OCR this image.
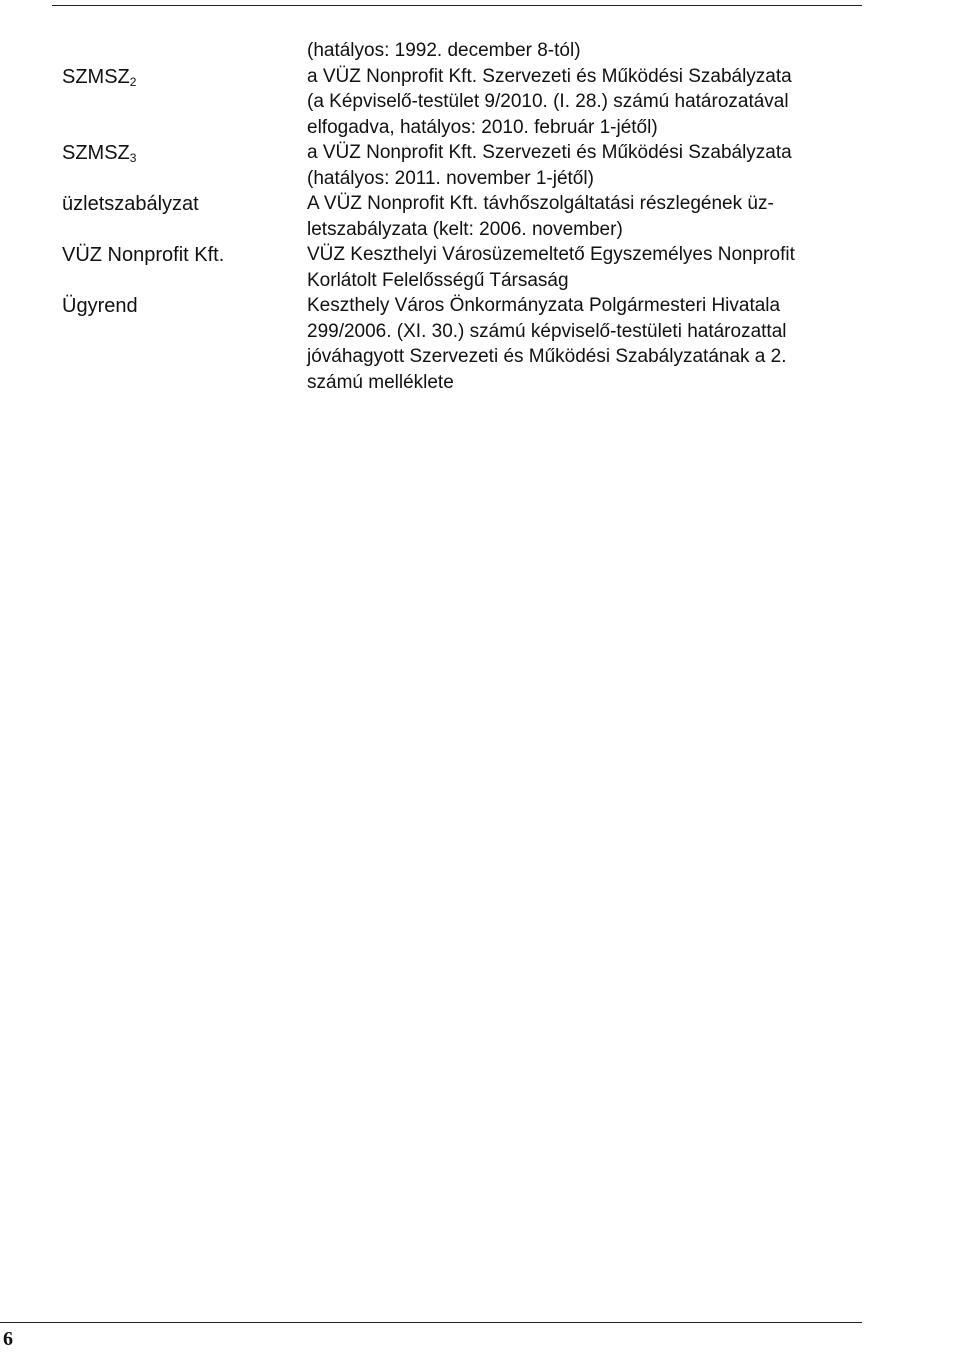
(hatályos: 1992. december 8-tól)
$SZMSZ_2$	a VÜZ Nonprofit Kft. Szervezeti és Működési Szabályzata
(a Képviselő-testület 9/2010. (I. 28.) számú határozatával
elfogadva, hatályos: 2010. február 1-jétől)
$SZMSZ_3$	a VÜZ Nonprofit Kft. Szervezeti és Működési Szabályzata
(hatályos: 2011. november 1-jétől)
üzletszabályzat	A VÜZ Nonprofit Kft. távhőszolgáltatási részlegének üz-
letszabályzata (kelt: 2006. november)
VÜZ Nonprofit Kft.	VÜZ Keszthelyi Városüzemeltető Egyszemélyes Nonprofit
Korlátolt Felelősségű Társaság
Ügyrend	Keszthely Város Önkormányzata Polgármesteri Hivatala
299/2006. (XI. 30.) számú képviselő-testületi határozattal
jóváhagyott Szervezeti és Működési Szabályzatának a 2.
számú melléklete
6
